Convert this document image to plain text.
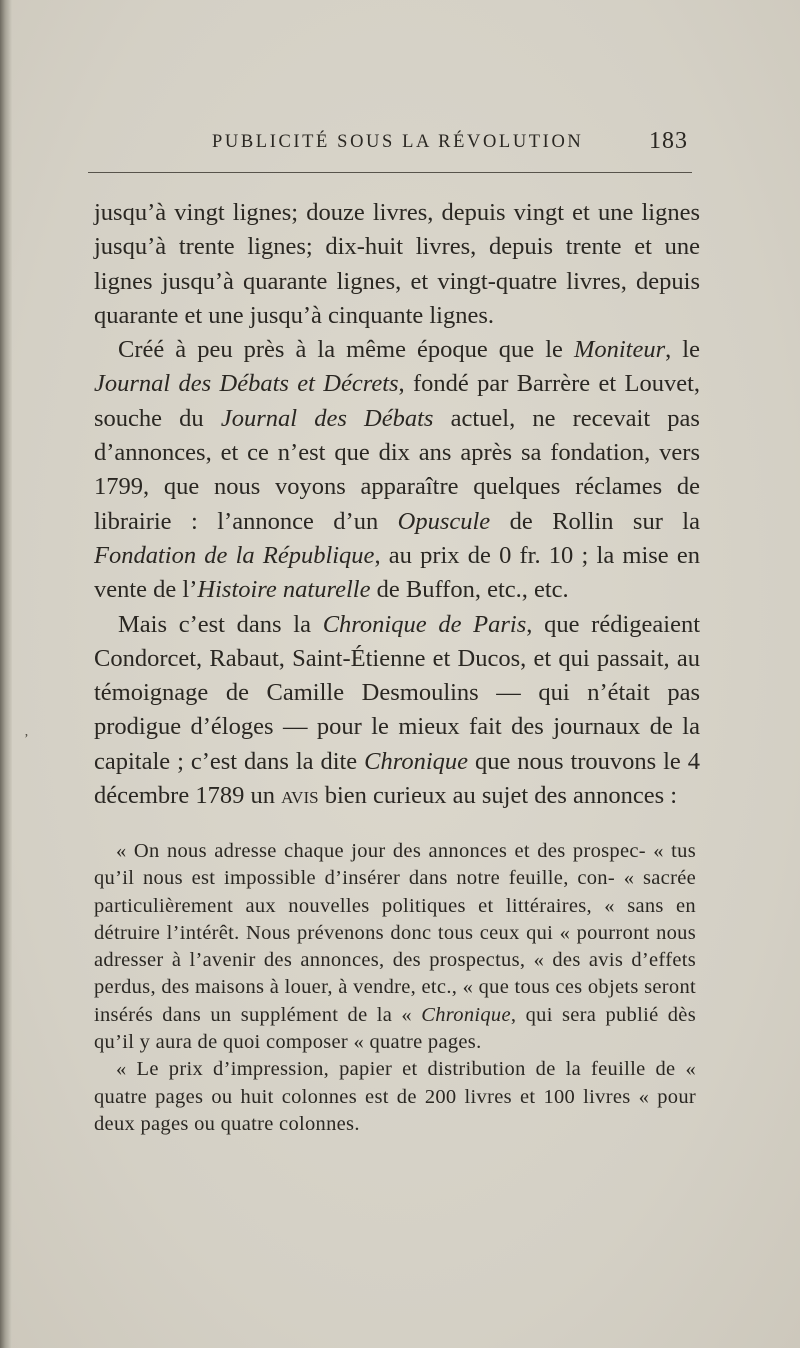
PUBLICITÉ SOUS LA RÉVOLUTION	183

jusqu’à vingt lignes; douze livres, depuis vingt et une lignes jusqu’à trente lignes; dix-huit livres, depuis trente et une lignes jusqu’à quarante lignes, et vingt-quatre livres, depuis quarante et une jusqu’à cinquante lignes.

Créé à peu près à la même époque que le Moniteur, le Journal des Débats et Décrets, fondé par Barrère et Louvet, souche du Journal des Débats actuel, ne recevait pas d’annonces, et ce n’est que dix ans après sa fondation, vers 1799, que nous voyons apparaître quelques réclames de librairie : l’annonce d’un Opuscule de Rollin sur la Fondation de la République, au prix de 0 fr. 10 ; la mise en vente de l’Histoire naturelle de Buffon, etc., etc.

Mais c’est dans la Chronique de Paris, que rédigeaient Condorcet, Rabaut, Saint-Étienne et Ducos, et qui passait, au témoignage de Camille Desmoulins — qui n’était pas prodigue d’éloges — pour le mieux fait des journaux de la capitale ; c’est dans la dite Chronique que nous trouvons le 4 décembre 1789 un avis bien curieux au sujet des annonces :

« On nous adresse chaque jour des annonces et des prospec- « tus qu’il nous est impossible d’insérer dans notre feuille, con- « sacrée particulièrement aux nouvelles politiques et littéraires, « sans en détruire l’intérêt. Nous prévenons donc tous ceux qui « pourront nous adresser à l’avenir des annonces, des prospectus, « des avis d’effets perdus, des maisons à louer, à vendre, etc., « que tous ces objets seront insérés dans un supplément de la « Chronique, qui sera publié dès qu’il y aura de quoi composer « quatre pages.

« Le prix d’impression, papier et distribution de la feuille de « quatre pages ou huit colonnes est de 200 livres et 100 livres « pour deux pages ou quatre colonnes.

ʼ
